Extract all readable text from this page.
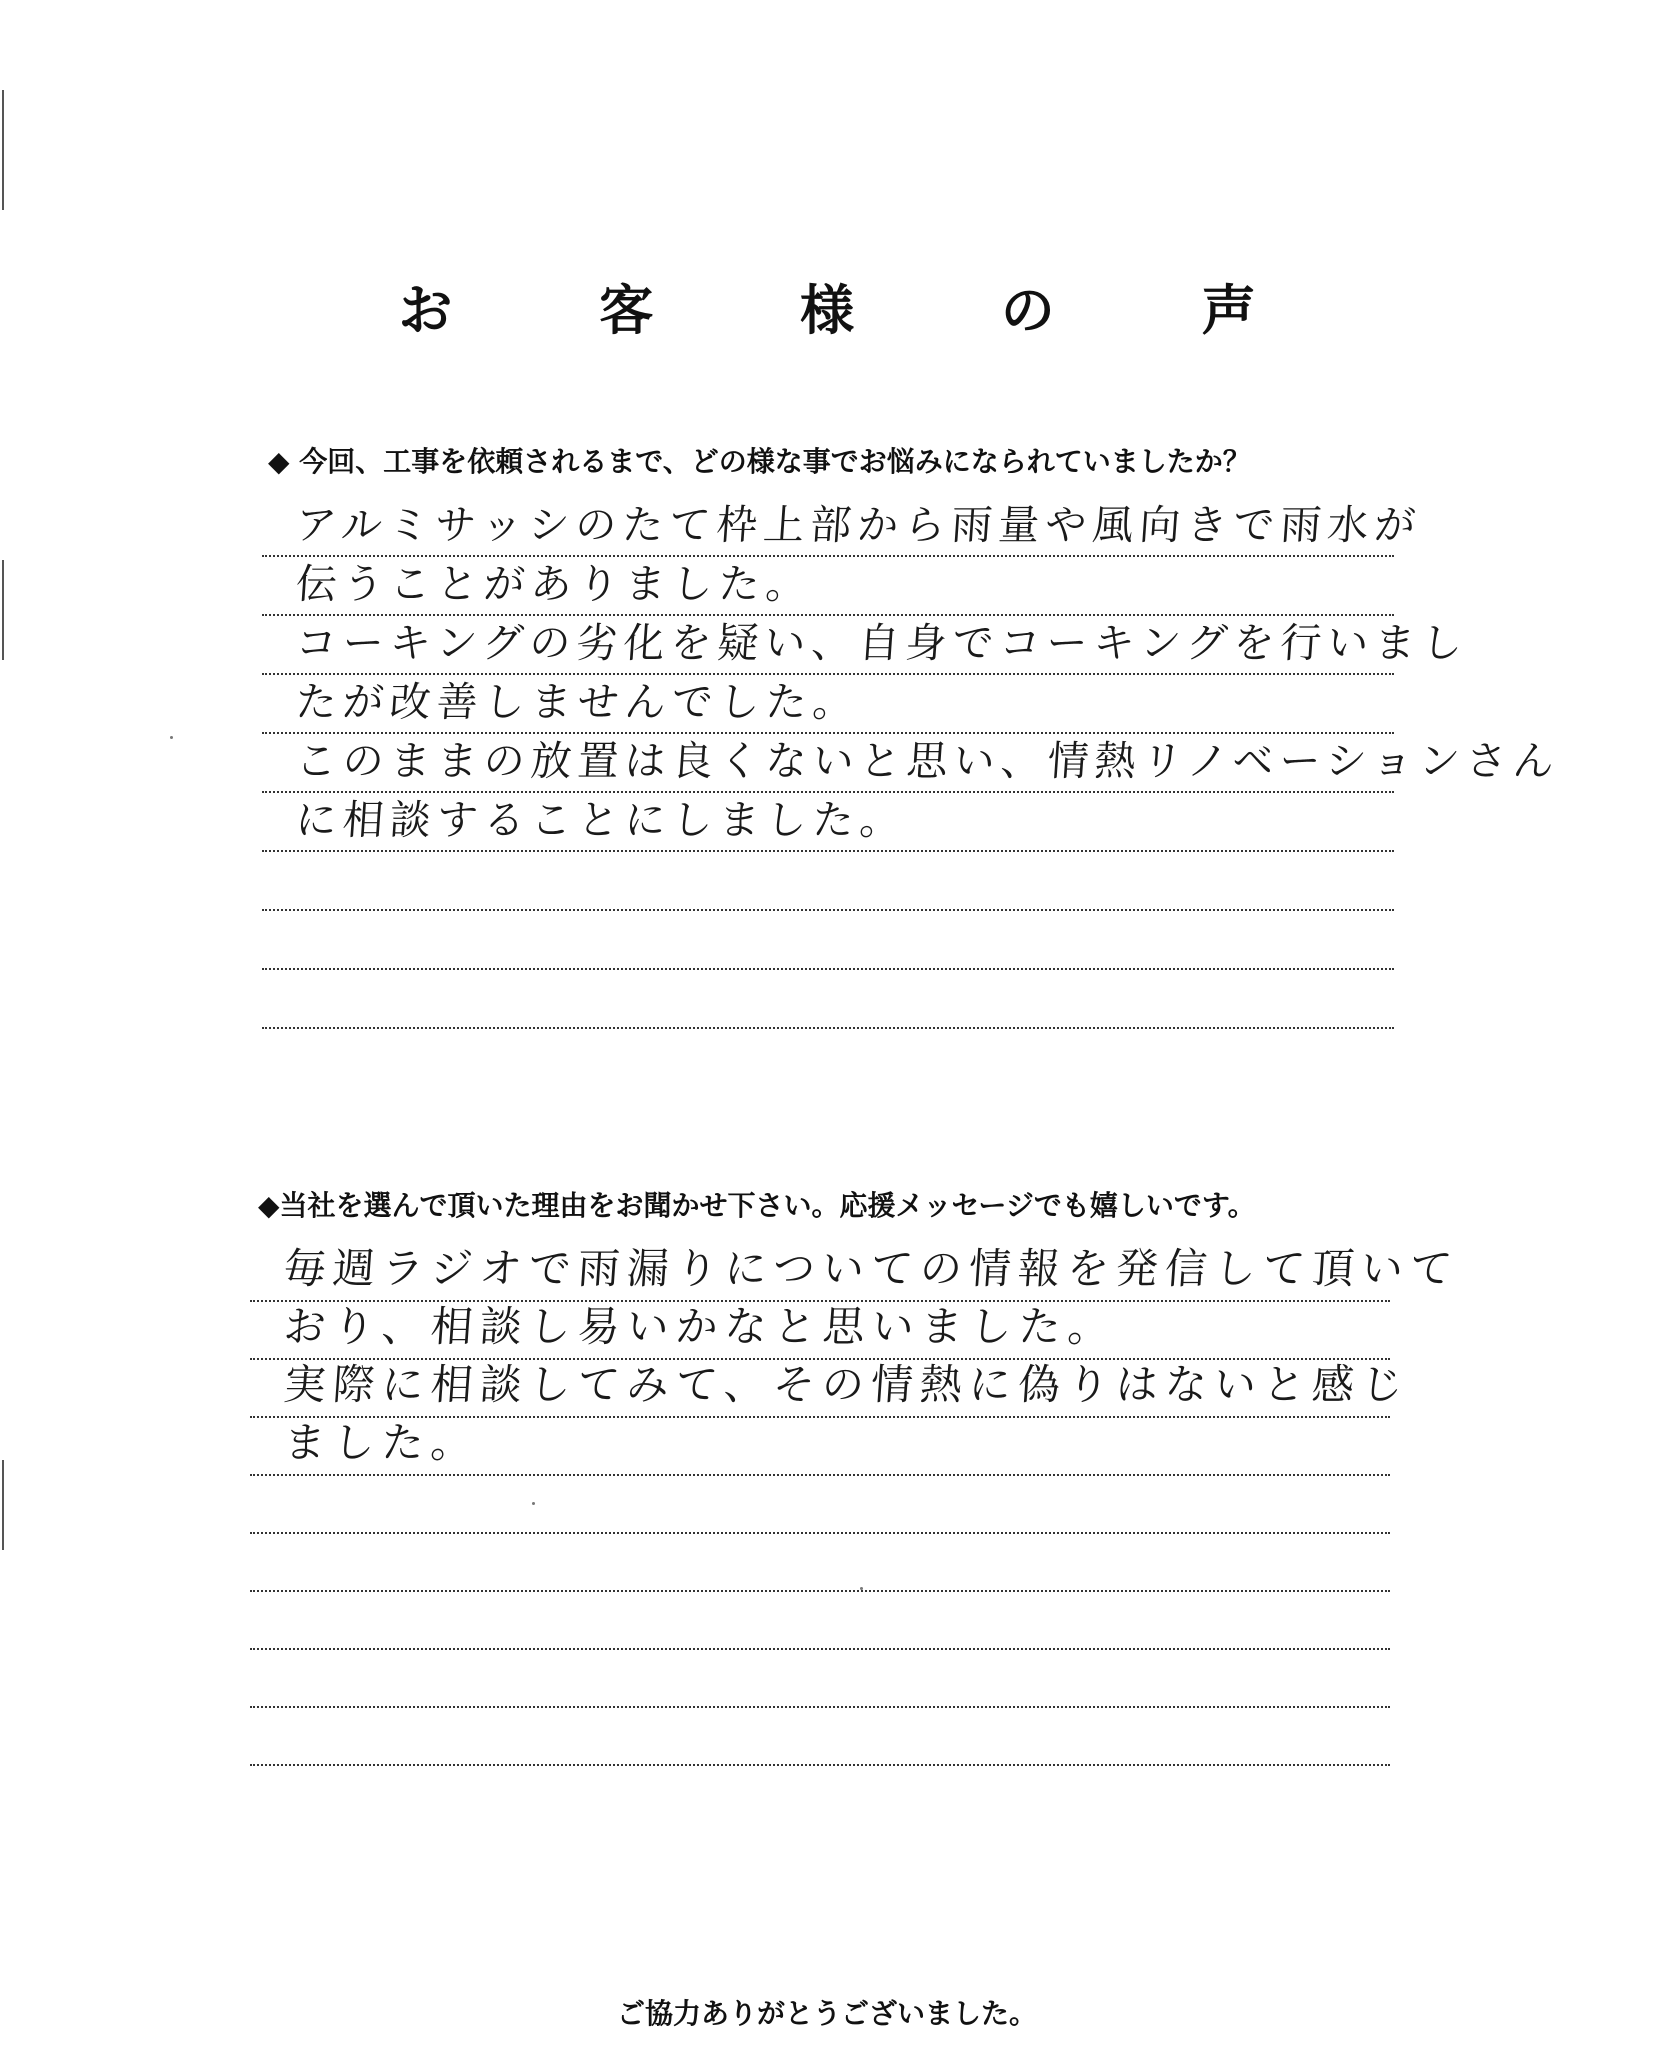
お 客 様 の 声
◆ 今回、工事を依頼されるまで、どの様な事でお悩みになられていましたか？
アルミサッシのたて枠上部から雨量や風向きで雨水が
伝うことがありました。
コーキングの劣化を疑い、自身でコーキングを行いまし
たが改善しませんでした。
このままの放置は良くないと思い、情熱リノベーションさん
に相談することにしました。
◆当社を選んで頂いた理由をお聞かせ下さい。応援メッセージでも嬉しいです。
毎週ラジオで雨漏りについての情報を発信して頂いて
おり、相談し易いかなと思いました。
実際に相談してみて、その情熱に偽りはないと感じ
ました。
ご協力ありがとうございました。
